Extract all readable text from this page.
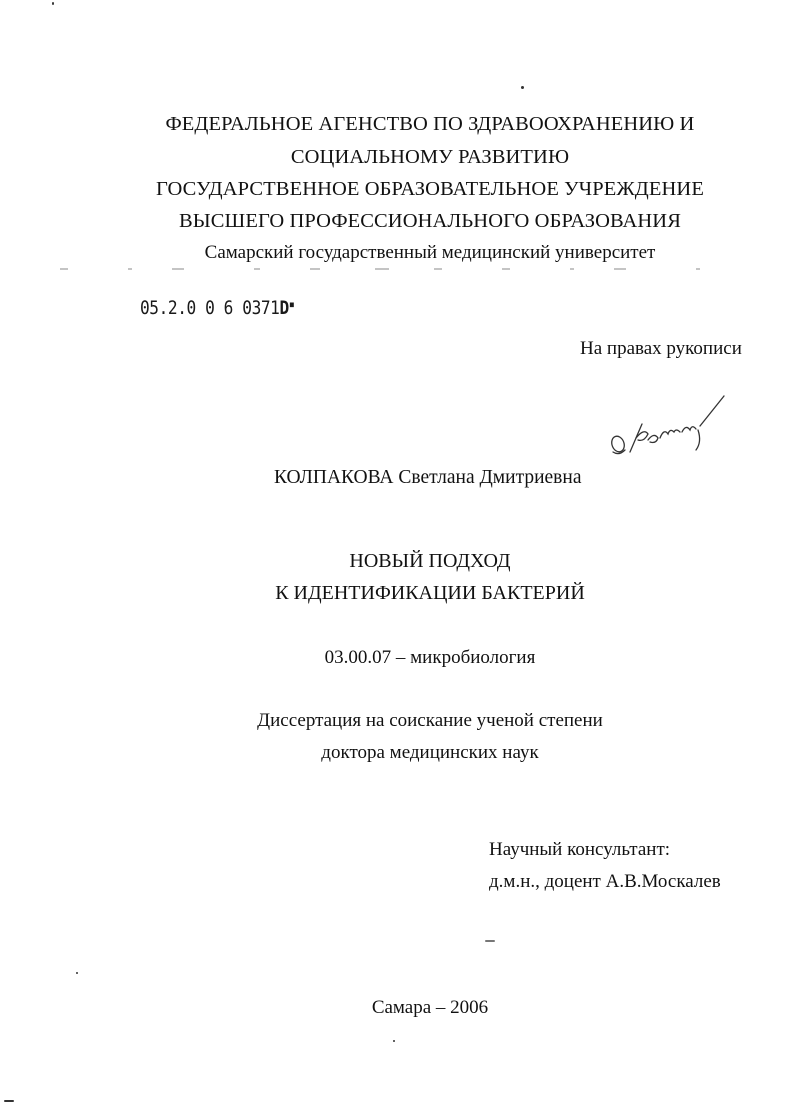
ФЕДЕРАЛЬНОЕ АГЕНСТВО ПО ЗДРАВООХРАНЕНИЮ И
СОЦИАЛЬНОМУ РАЗВИТИЮ
ГОСУДАРСТВЕННОЕ ОБРАЗОВАТЕЛЬНОЕ УЧРЕЖДЕНИЕ
ВЫСШЕГО ПРОФЕССИОНАЛЬНОГО ОБРАЗОВАНИЯ
Самарский государственный медицинский университет
05.2.0 0 6 0371D▪
На правах рукописи
КОЛПАКОВА Светлана Дмитриевна
НОВЫЙ ПОДХОД
К ИДЕНТИФИКАЦИИ БАКТЕРИЙ
03.00.07 – микробиология
Диссертация на соискание ученой степени
доктора медицинских наук
Научный консультант:
д.м.н., доцент А.В.Москалев
Самара – 2006
